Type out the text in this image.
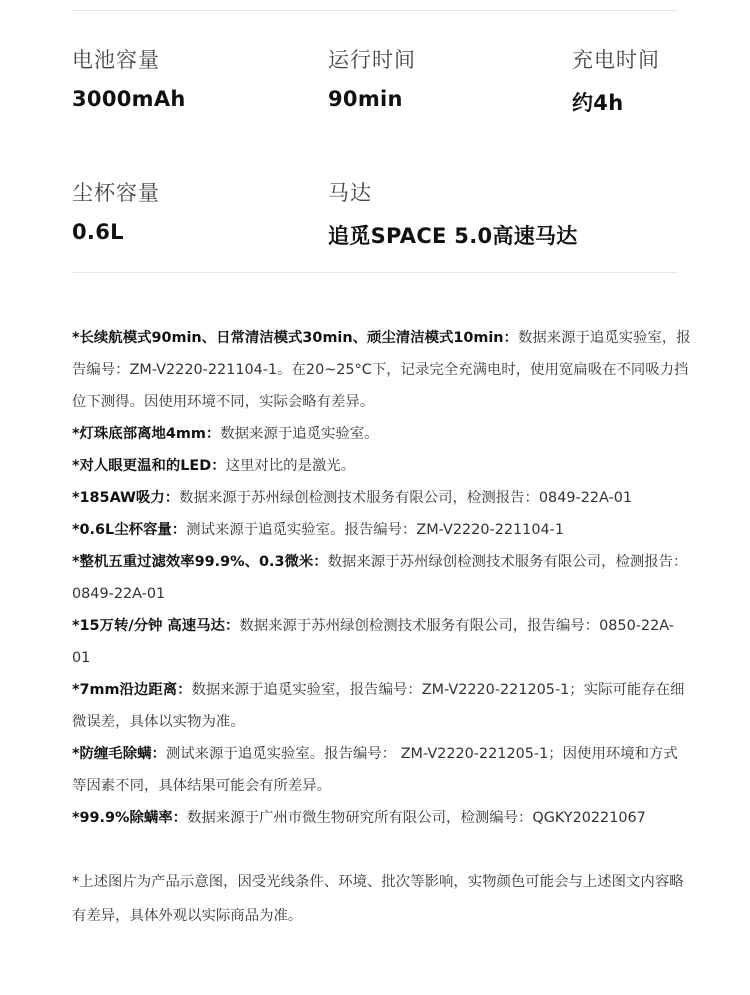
电池容量
3000mAh
运行时间
90min
充电时间
约4h
尘杯容量
0.6L
马达
追觅SPACE 5.0高速马达
*长续航模式90min、日常清洁模式30min、顽尘清洁模式10min：数据来源于追觅实验室，报告编号：ZM-V2220-221104-1。在20~25°C下，记录完全充满电时，使用宽扁吸在不同吸力挡位下测得。因使用环境不同，实际会略有差异。
*灯珠底部离地4mm：数据来源于追觅实验室。
*对人眼更温和的LED：这里对比的是激光。
*185AW吸力：数据来源于苏州绿创检测技术服务有限公司，检测报告：0849-22A-01
*0.6L尘杯容量：测试来源于追觅实验室。报告编号：ZM-V2220-221104-1
*整机五重过滤效率99.9%、0.3微米：数据来源于苏州绿创检测技术服务有限公司，检测报告：0849-22A-01
*15万转/分钟 高速马达：数据来源于苏州绿创检测技术服务有限公司，报告编号：0850-22A-01
*7mm沿边距离：数据来源于追觅实验室，报告编号：ZM-V2220-221205-1；实际可能存在细微误差，具体以实物为准。
*防缠毛除螨：测试来源于追觅实验室。报告编号： ZM-V2220-221205-1；因使用环境和方式等因素不同，具体结果可能会有所差异。
*99.9%除螨率：数据来源于广州市微生物研究所有限公司，检测编号：QGKY20221067
*上述图片为产品示意图，因受光线条件、环境、批次等影响，实物颜色可能会与上述图文内容略有差异，具体外观以实际商品为准。
